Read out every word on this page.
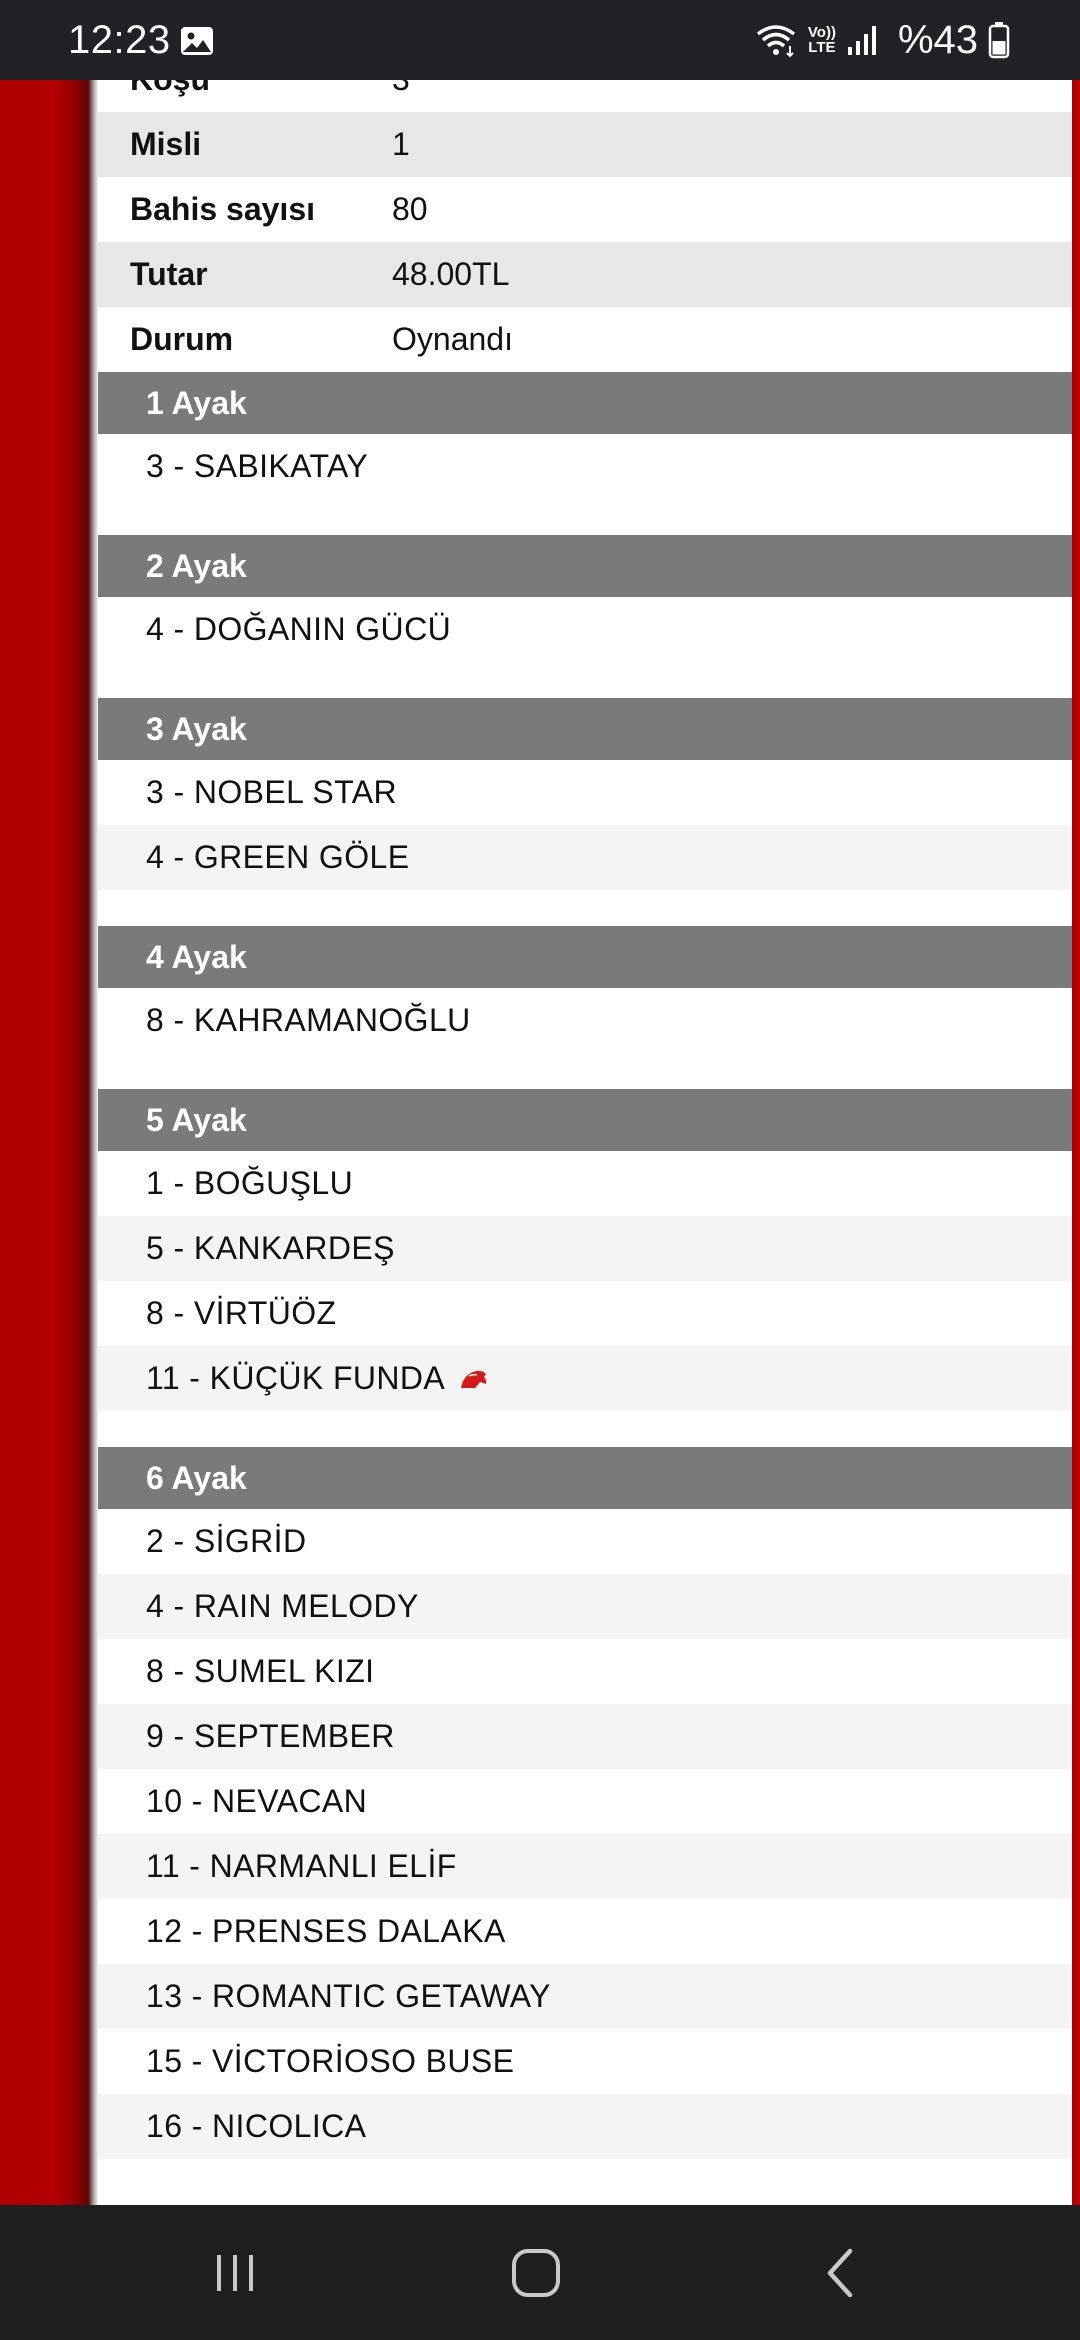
12:23	Vo))
LTE %43
Misli	1
Bahis sayısı	80
Tutar	48.00TL
Durum	Oynandı
1 Ayak
3 - SABIKATAY
2 Ayak
4 - DOĞANIN GÜCÜ
3 Ayak
3 - NOBEL STAR
4 - GREEN GÖLE
4 Ayak
8 - KAHRAMANOĞLU
5 Ayak
1 - BOĞUŞLU
5 - KANKARDEŞ
8 - VİRTÜÖZ
11 - KÜÇÜK FUNDA
6 Ayak
2 - SİGRİD
4 - RAIN MELODY
8 - SUMEL KIZI
9 - SEPTEMBER
10 - NEVACAN
11 - NARMANLI ELİF
12 - PRENSES DALAKA
13 - ROMANTIC GETAWAY
15 - VİCTORİOSO BUSE
16 - NICOLICA
